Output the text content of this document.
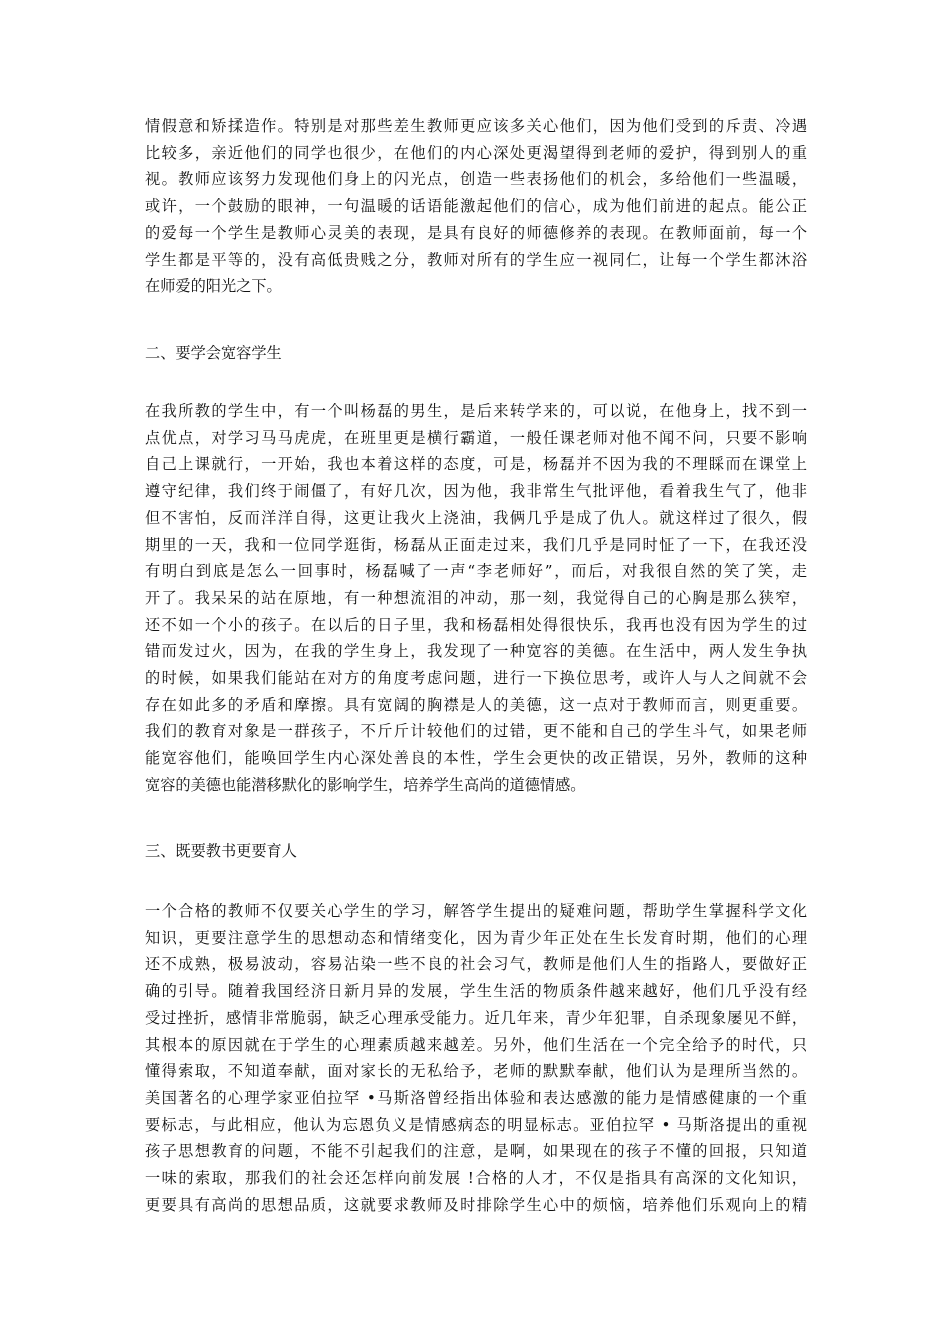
情假意和矫揉造作。特别是对那些差生教师更应该多关心他们，因为他们受到的斥责、冷遇
比较多，亲近他们的同学也很少，在他们的内心深处更渴望得到老师的爱护，得到别人的重
视。教师应该努力发现他们身上的闪光点，创造一些表扬他们的机会，多给他们一些温暖，
或许，一个鼓励的眼神，一句温暖的话语能激起他们的信心，成为他们前进的起点。能公正
的爱每一个学生是教师心灵美的表现，是具有良好的师德修养的表现。在教师面前，每一个
学生都是平等的，没有高低贵贱之分，教师对所有的学生应一视同仁，让每一个学生都沐浴
在师爱的阳光之下。
二、要学会宽容学生
在我所教的学生中，有一个叫杨磊的男生，是后来转学来的，可以说，在他身上，找不到一
点优点，对学习马马虎虎，在班里更是横行霸道，一般任课老师对他不闻不问，只要不影响
自己上课就行，一开始，我也本着这样的态度，可是，杨磊并不因为我的不理睬而在课堂上
遵守纪律，我们终于闹僵了，有好几次，因为他，我非常生气批评他，看着我生气了，他非
但不害怕，反而洋洋自得，这更让我火上浇油，我俩几乎是成了仇人。就这样过了很久，假
期里的一天，我和一位同学逛街，杨磊从正面走过来，我们几乎是同时怔了一下，在我还没
有明白到底是怎么一回事时，杨磊喊了一声“李老师好”，而后，对我很自然的笑了笑，走
开了。我呆呆的站在原地，有一种想流泪的冲动，那一刻，我觉得自己的心胸是那么狭窄，
还不如一个小的孩子。在以后的日子里，我和杨磊相处得很快乐，我再也没有因为学生的过
错而发过火，因为，在我的学生身上，我发现了一种宽容的美德。在生活中，两人发生争执
的时候，如果我们能站在对方的角度考虑问题，进行一下换位思考，或许人与人之间就不会
存在如此多的矛盾和摩擦。具有宽阔的胸襟是人的美德，这一点对于教师而言，则更重要。
我们的教育对象是一群孩子，不斤斤计较他们的过错，更不能和自己的学生斗气，如果老师
能宽容他们，能唤回学生内心深处善良的本性，学生会更快的改正错误，另外，教师的这种
宽容的美德也能潜移默化的影响学生，培养学生高尚的道德情感。
三、既要教书更要育人
一个合格的教师不仅要关心学生的学习，解答学生提出的疑难问题，帮助学生掌握科学文化
知识，更要注意学生的思想动态和情绪变化，因为青少年正处在生长发育时期，他们的心理
还不成熟，极易波动，容易沾染一些不良的社会习气，教师是他们人生的指路人，要做好正
确的引导。随着我国经济日新月异的发展，学生生活的物质条件越来越好，他们几乎没有经
受过挫折，感情非常脆弱，缺乏心理承受能力。近几年来，青少年犯罪，自杀现象屡见不鲜，
其根本的原因就在于学生的心理素质越来越差。另外，他们生活在一个完全给予的时代，只
懂得索取，不知道奉献，面对家长的无私给予，老师的默默奉献，他们认为是理所当然的。
美国著名的心理学家亚伯拉罕 •马斯洛曾经指出体验和表达感激的能力是情感健康的一个重
要标志，与此相应，他认为忘恩负义是情感病态的明显标志。亚伯拉罕 • 马斯洛提出的重视
孩子思想教育的问题，不能不引起我们的注意，是啊，如果现在的孩子不懂的回报，只知道
一味的索取，那我们的社会还怎样向前发展 !合格的人才，不仅是指具有高深的文化知识，
更要具有高尚的思想品质，这就要求教师及时排除学生心中的烦恼，培养他们乐观向上的精
